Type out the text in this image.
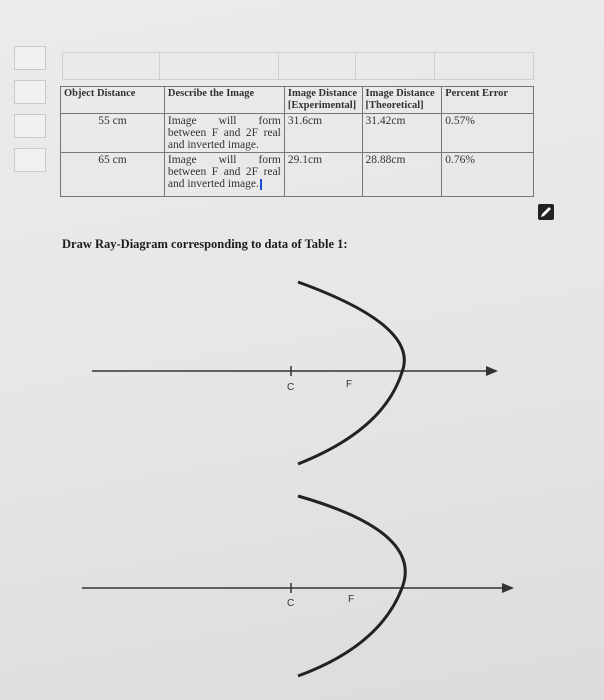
Object Distance	Describe the Image	Image Distance [Experimental]	Image Distance [Theoretical]	Percent Error
55 cm	Image will form between F and 2F real and inverted image.	31.6cm	31.42cm	0.57%
65 cm	Image will form between F and 2F real and inverted image.	29.1cm	28.88cm	0.76%
Draw Ray-Diagram corresponding to data of Table 1:
C	F
C	F
